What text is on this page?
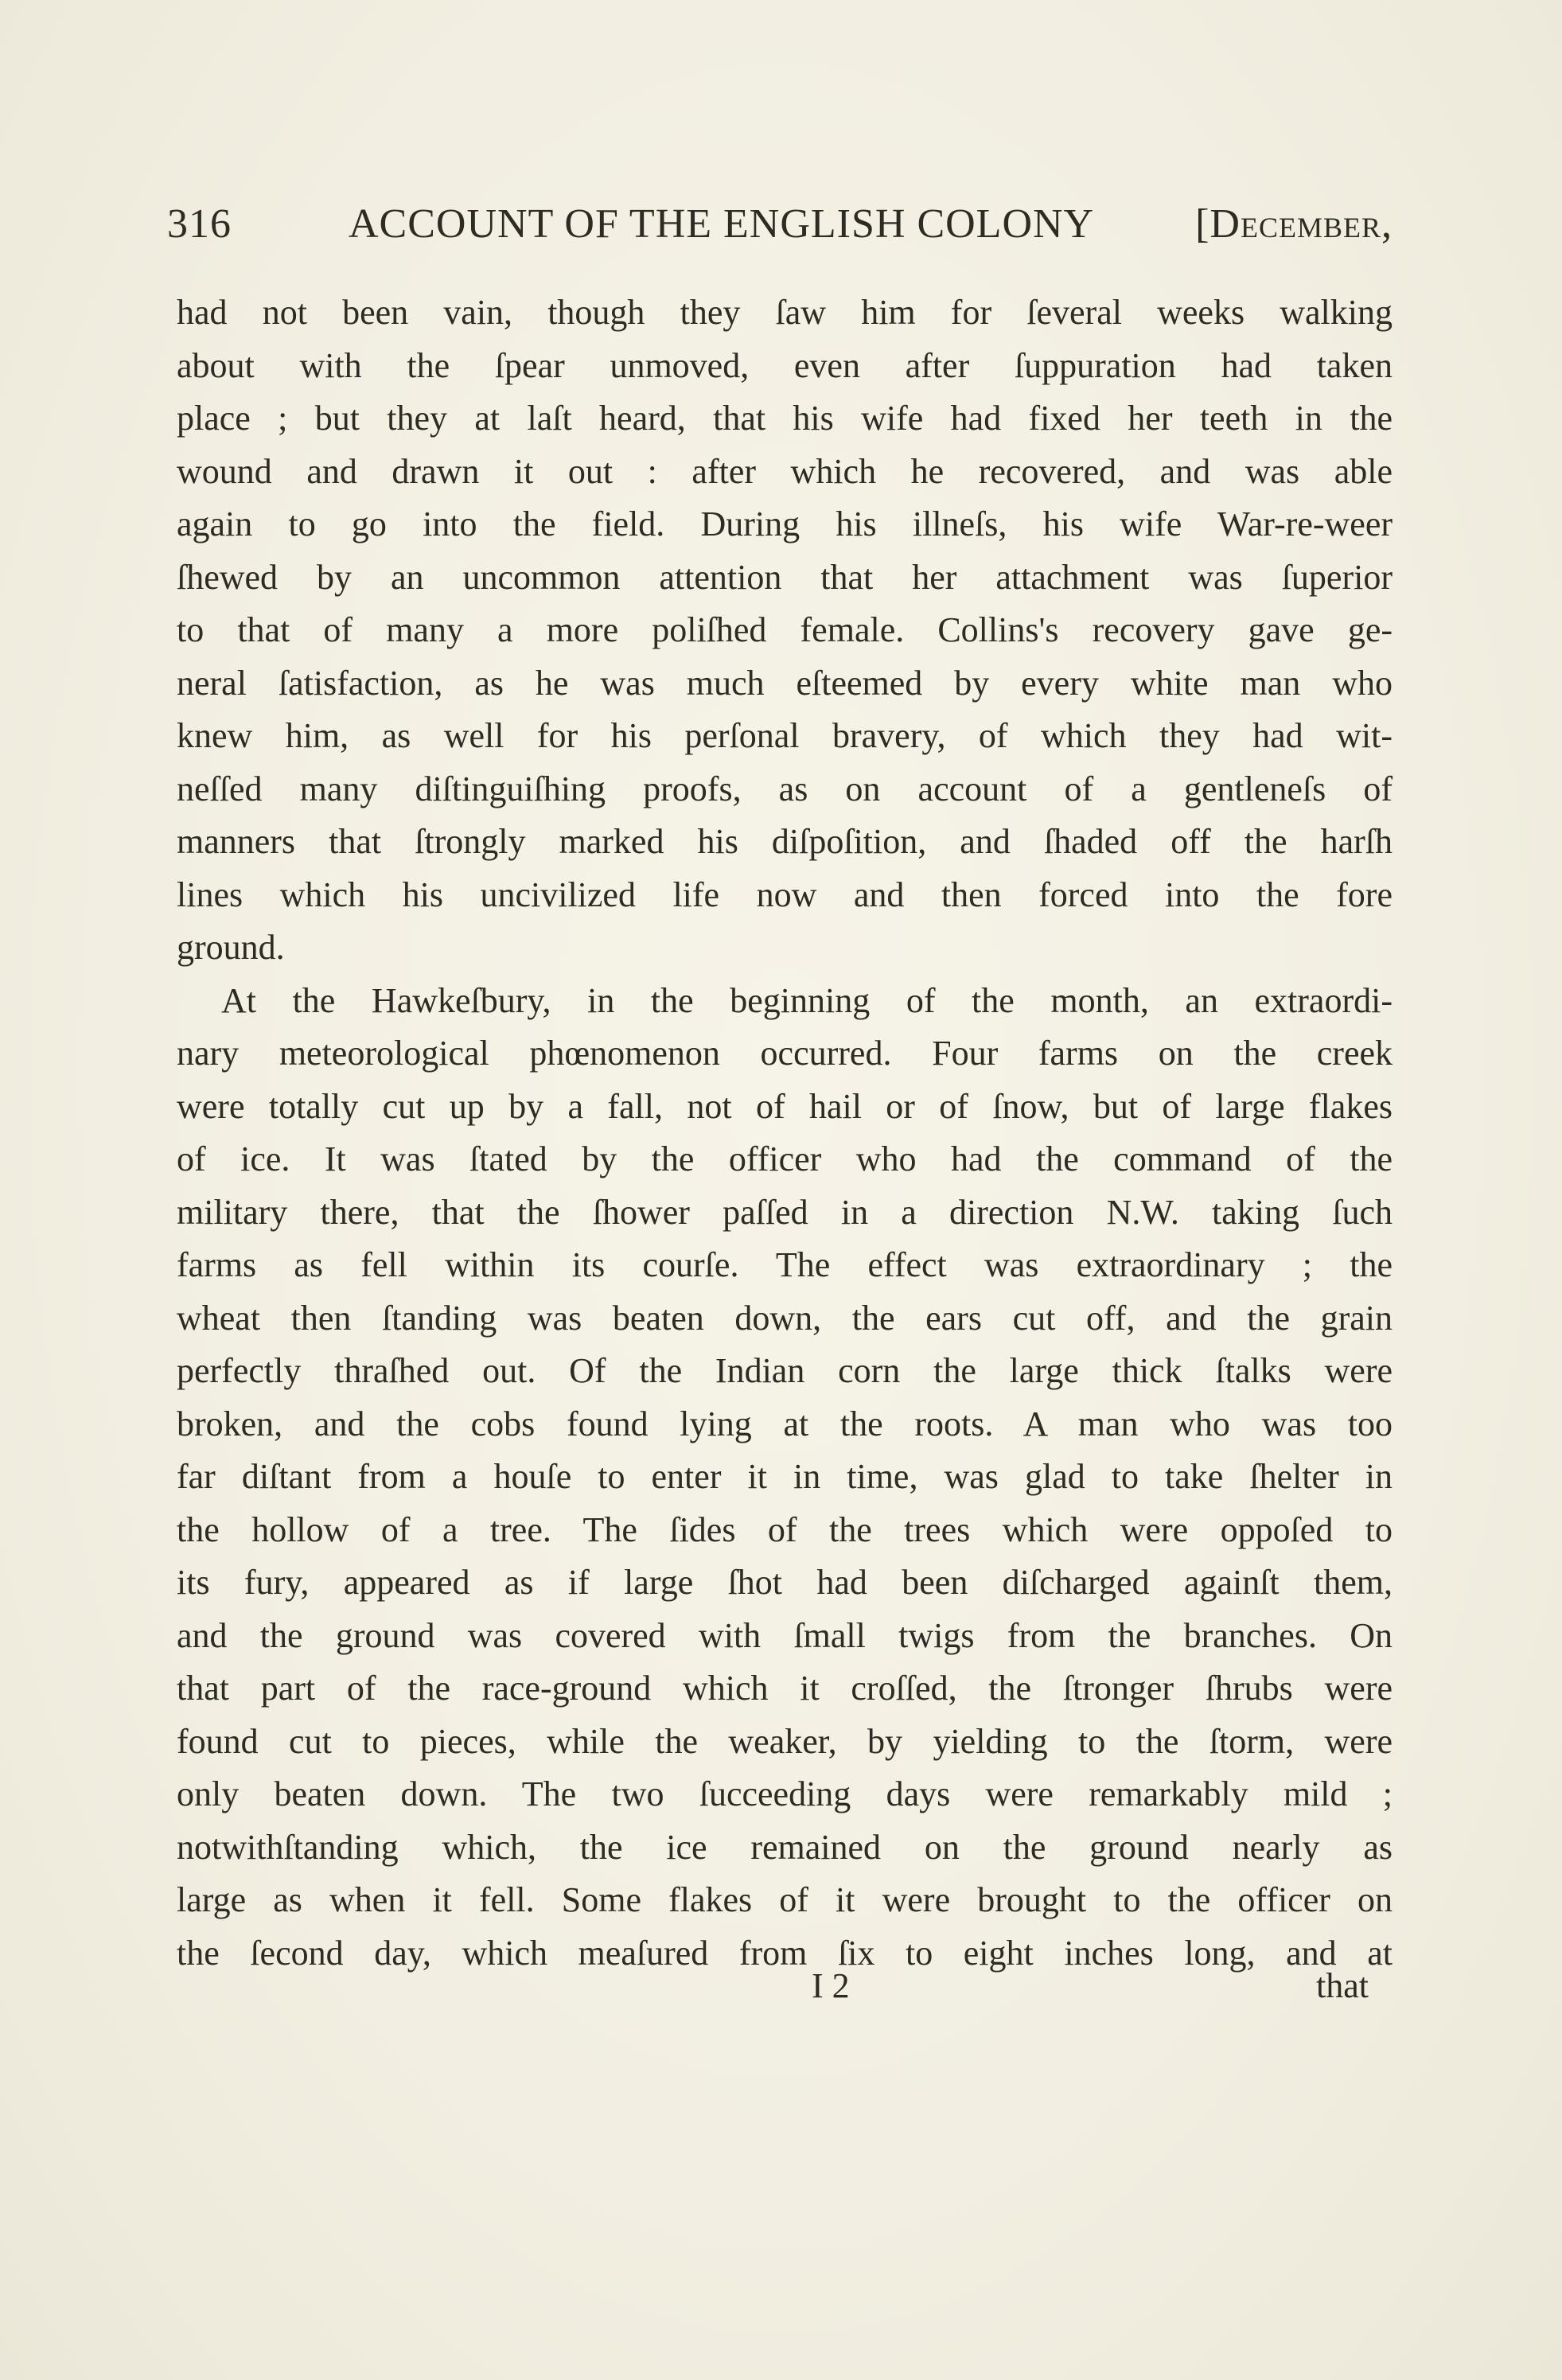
316	ACCOUNT OF THE ENGLISH COLONY [December,
had not been vain, though they ſaw him for ſeveral weeks walking
about with the ſpear unmoved, even after ſuppuration had taken
place ; but they at laſt heard, that his wife had fixed her teeth in the
wound and drawn it out : after which he recovered, and was able
again to go into the field. During his illneſs, his wife War-re-weer
ſhewed by an uncommon attention that her attachment was ſuperior
to that of many a more poliſhed female. Collins's recovery gave ge-
neral ſatisfaction, as he was much eſteemed by every white man who
knew him, as well for his perſonal bravery, of which they had wit-
neſſed many diſtinguiſhing proofs, as on account of a gentleneſs of
manners that ſtrongly marked his diſpoſition, and ſhaded off the harſh
lines which his uncivilized life now and then forced into the fore
ground.
At the Hawkeſbury, in the beginning of the month, an extraordi-
nary meteorological phœnomenon occurred. Four farms on the creek
were totally cut up by a fall, not of hail or of ſnow, but of large flakes
of ice. It was ſtated by the officer who had the command of the
military there, that the ſhower paſſed in a direction N.W. taking ſuch
farms as fell within its courſe. The effect was extraordinary ; the
wheat then ſtanding was beaten down, the ears cut off, and the grain
perfectly thraſhed out. Of the Indian corn the large thick ſtalks were
broken, and the cobs found lying at the roots. A man who was too
far diſtant from a houſe to enter it in time, was glad to take ſhelter in
the hollow of a tree. The ſides of the trees which were oppoſed to
its fury, appeared as if large ſhot had been diſcharged againſt them,
and the ground was covered with ſmall twigs from the branches. On
that part of the race-ground which it croſſed, the ſtronger ſhrubs were
found cut to pieces, while the weaker, by yielding to the ſtorm, were
only beaten down. The two ſucceeding days were remarkably mild ;
notwithſtanding which, the ice remained on the ground nearly as
large as when it fell. Some flakes of it were brought to the officer on
the ſecond day, which meaſured from ſix to eight inches long, and at
I 2	that
